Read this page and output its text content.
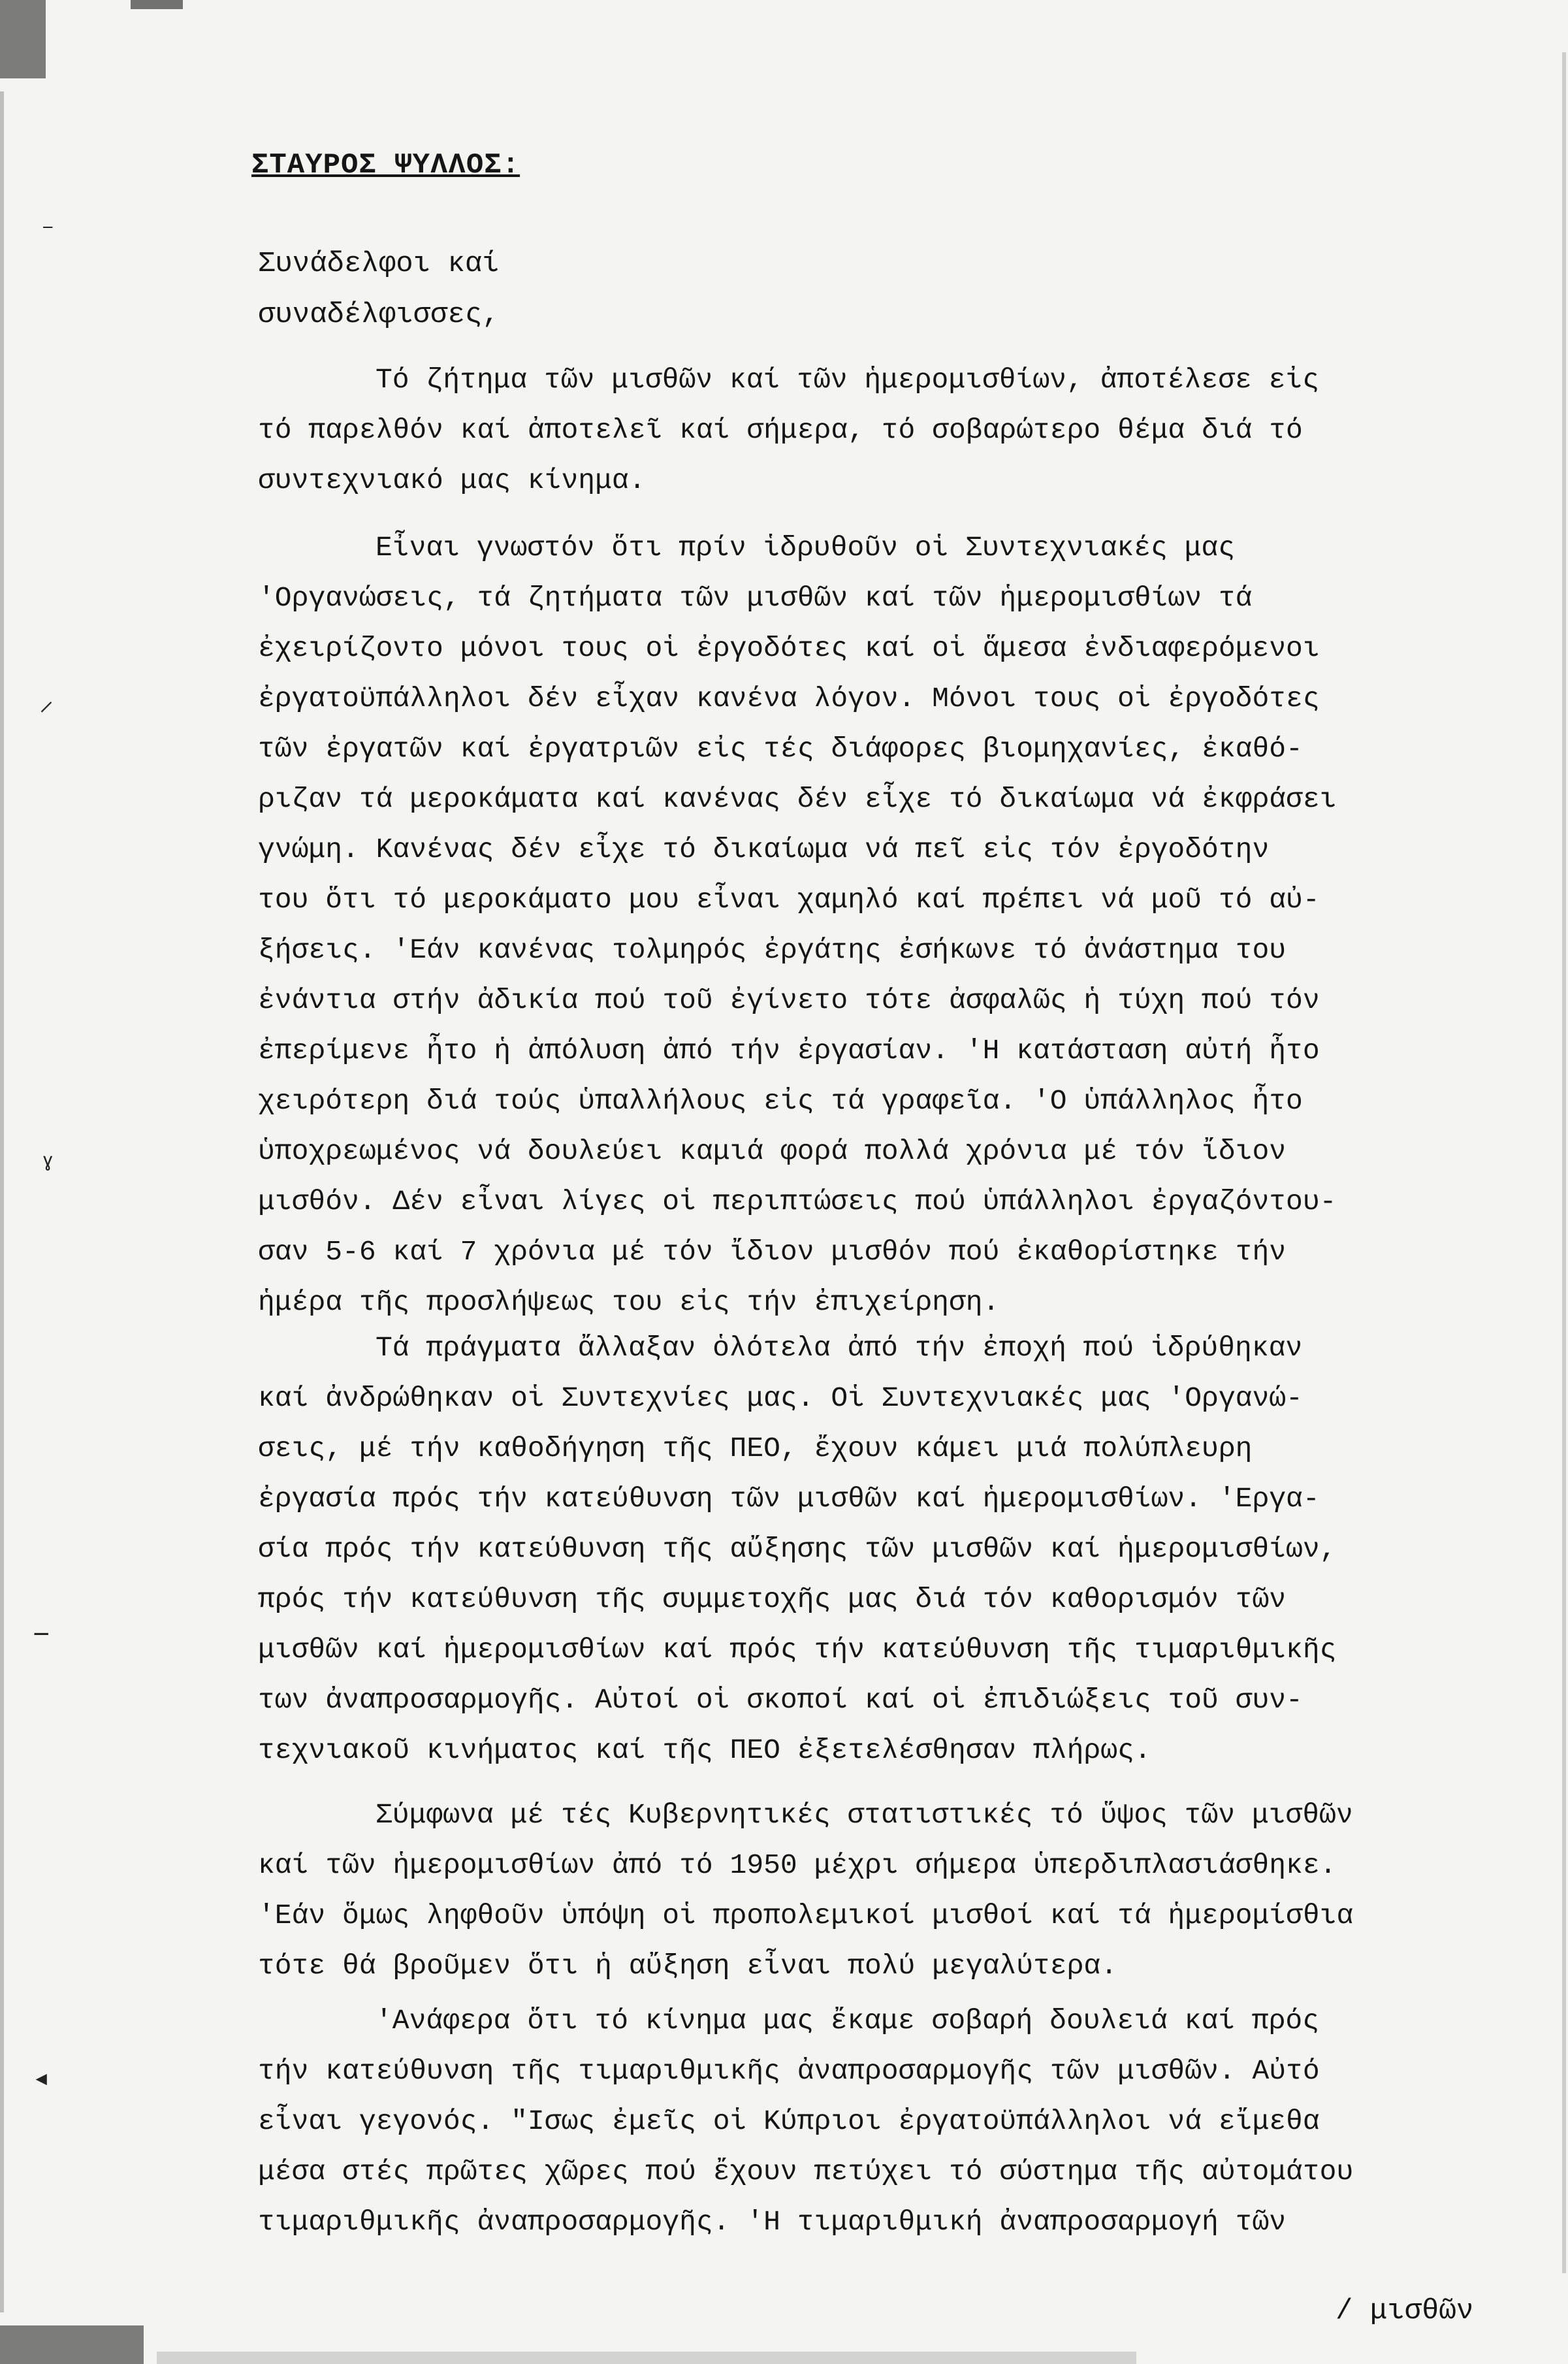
⁻
⸝
ˠ
−
◂
ΣΤΑΥΡΟΣ ΨΥΛΛΟΣ:
Συνάδελφοι καί
συναδέλφισσες,
Τό ζήτημα τῶν μισθῶν καί τῶν ἡμερομισθίων, ἀποτέλεσε εἰς
τό παρελθόν καί ἀποτελεῖ καί σήμερα, τό σοβαρώτερο θέμα διά τό
συντεχνιακό μας κίνημα.
Εἶναι γνωστόν ὅτι πρίν ἱδρυθοῦν οἱ Συντεχνιακές μας
'Οργανώσεις, τά ζητήματα τῶν μισθῶν καί τῶν ἡμερομισθίων τά
ἐχειρίζοντο μόνοι τους οἱ ἐργοδότες καί οἱ ἅμεσα ἐνδιαφερόμενοι
ἐργατοϋπάλληλοι δέν εἶχαν κανένα λόγον. Μόνοι τους οἱ ἐργοδότες
τῶν ἐργατῶν καί ἐργατριῶν εἰς τές διάφορες βιομηχανίες, ἐκαθό-
ριζαν τά μεροκάματα καί κανένας δέν εἶχε τό δικαίωμα νά ἐκφράσει
γνώμη. Κανένας δέν εἶχε τό δικαίωμα νά πεῖ εἰς τόν ἐργοδότην
του ὅτι τό μεροκάματο μου εἶναι χαμηλό καί πρέπει νά μοῦ τό αὐ-
ξήσεις. 'Εάν κανένας τολμηρός ἐργάτης ἐσήκωνε τό ἀνάστημα του
ἐνάντια στήν ἀδικία πού τοῦ ἐγίνετο τότε ἀσφαλῶς ἡ τύχη πού τόν
ἐπερίμενε ἦτο ἡ ἀπόλυση ἀπό τήν ἐργασίαν. 'Η κατάσταση αὐτή ἦτο
χειρότερη διά τούς ὑπαλλήλους εἰς τά γραφεῖα. 'Ο ὑπάλληλος ἦτο
ὑποχρεωμένος νά δουλεύει καμιά φορά πολλά χρόνια μέ τόν ἴδιον
μισθόν. Δέν εἶναι λίγες οἱ περιπτώσεις πού ὑπάλληλοι ἐργαζόντου-
σαν 5-6 καί 7 χρόνια μέ τόν ἴδιον μισθόν πού ἐκαθορίστηκε τήν
ἡμέρα τῆς προσλήψεως του εἰς τήν ἐπιχείρηση.
Τά πράγματα ἄλλαξαν ὁλότελα ἀπό τήν ἐποχή πού ἱδρύθηκαν
καί ἀνδρώθηκαν οἱ Συντεχνίες μας. Οἱ Συντεχνιακές μας 'Οργανώ-
σεις, μέ τήν καθοδήγηση τῆς ΠΕΟ, ἔχουν κάμει μιά πολύπλευρη
ἐργασία πρός τήν κατεύθυνση τῶν μισθῶν καί ἡμερομισθίων. 'Εργα-
σία πρός τήν κατεύθυνση τῆς αὔξησης τῶν μισθῶν καί ἡμερομισθίων,
πρός τήν κατεύθυνση τῆς συμμετοχῆς μας διά τόν καθορισμόν τῶν
μισθῶν καί ἡμερομισθίων καί πρός τήν κατεύθυνση τῆς τιμαριθμικῆς
των ἀναπροσαρμογῆς. Αὐτοί οἱ σκοποί καί οἱ ἐπιδιώξεις τοῦ συν-
τεχνιακοῦ κινήματος καί τῆς ΠΕΟ ἐξετελέσθησαν πλήρως.
Σύμφωνα μέ τές Κυβερνητικές στατιστικές τό ὕψος τῶν μισθῶν
καί τῶν ἡμερομισθίων ἀπό τό 1950 μέχρι σήμερα ὑπερδιπλασιάσθηκε.
'Εάν ὅμως ληφθοῦν ὑπόψη οἱ προπολεμικοί μισθοί καί τά ἡμερομίσθια
τότε θά βροῦμεν ὅτι ἡ αὔξηση εἶναι πολύ μεγαλύτερα.
'Ανάφερα ὅτι τό κίνημα μας ἔκαμε σοβαρή δουλειά καί πρός
τήν κατεύθυνση τῆς τιμαριθμικῆς ἀναπροσαρμογῆς τῶν μισθῶν. Αὐτό
εἶναι γεγονός. "Ισως ἐμεῖς οἱ Κύπριοι ἐργατοϋπάλληλοι νά εἴμεθα
μέσα στές πρῶτες χῶρες πού ἔχουν πετύχει τό σύστημα τῆς αὐτομάτου
τιμαριθμικῆς ἀναπροσαρμογῆς. 'Η τιμαριθμική ἀναπροσαρμογή τῶν
/ μισθῶν
